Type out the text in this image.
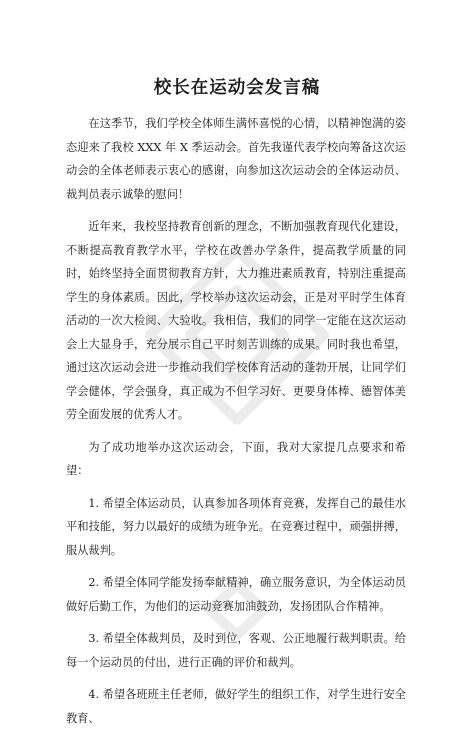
校长在运动会发言稿

在这季节，我们学校全体师生满怀喜悦的心情，以精神饱满的姿态迎来了我校 XXX 年 X 季运动会。首先我谨代表学校向筹备这次运动会的全体老师表示衷心的感谢，向参加这次运动会的全体运动员、裁判员表示诚挚的慰问！

近年来，我校坚持教育创新的理念，不断加强教育现代化建设，不断提高教育教学水平，学校在改善办学条件，提高教学质量的同时，始终坚持全面贯彻教育方针，大力推进素质教育，特别注重提高学生的身体素质。因此，学校举办这次运动会，正是对平时学生体育活动的一次大检阅、大验收。我相信，我们的同学一定能在这次运动会上大显身手，充分展示自己平时刻苦训练的成果。同时我也希望，通过这次运动会进一步推动我们学校体育活动的蓬勃开展，让同学们学会健体，学会强身，真正成为不但学习好、更要身体棒、德智体美劳全面发展的优秀人才。

为了成功地举办这次运动会，下面，我对大家提几点要求和希望：

1. 希望全体运动员，认真参加各项体育竞赛，发挥自己的最佳水平和技能，努力以最好的成绩为班争光。在竞赛过程中，顽强拼搏，服从裁判。

2. 希望全体同学能发扬奉献精神，确立服务意识，为全体运动员做好后勤工作，为他们的运动竞赛加油鼓劲，发扬团队合作精神。

3. 希望全体裁判员，及时到位，客观、公正地履行裁判职责。给每一个运动员的付出，进行正确的评价和裁判。

4. 希望各班班主任老师，做好学生的组织工作，对学生进行安全教育、
